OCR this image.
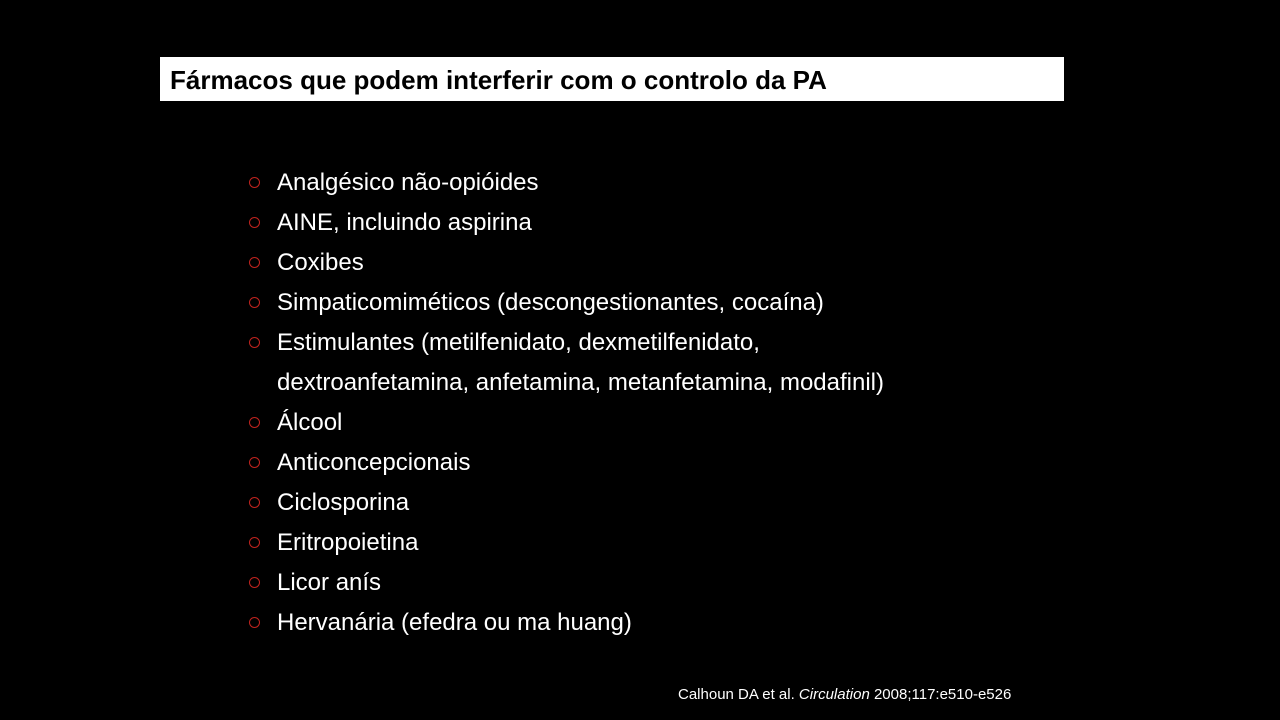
Fármacos que podem interferir com o controlo da PA
Analgésico não-opióides
AINE, incluindo aspirina
Coxibes
Simpaticomiméticos (descongestionantes, cocaína)
Estimulantes (metilfenidato, dexmetilfenidato,
dextroanfetamina, anfetamina, metanfetamina, modafinil)
Álcool
Anticoncepcionais
Ciclosporina
Eritropoietina
Licor anís
Hervanária (efedra ou ma huang)
Calhoun DA et al. Circulation 2008;117:e510-e526
